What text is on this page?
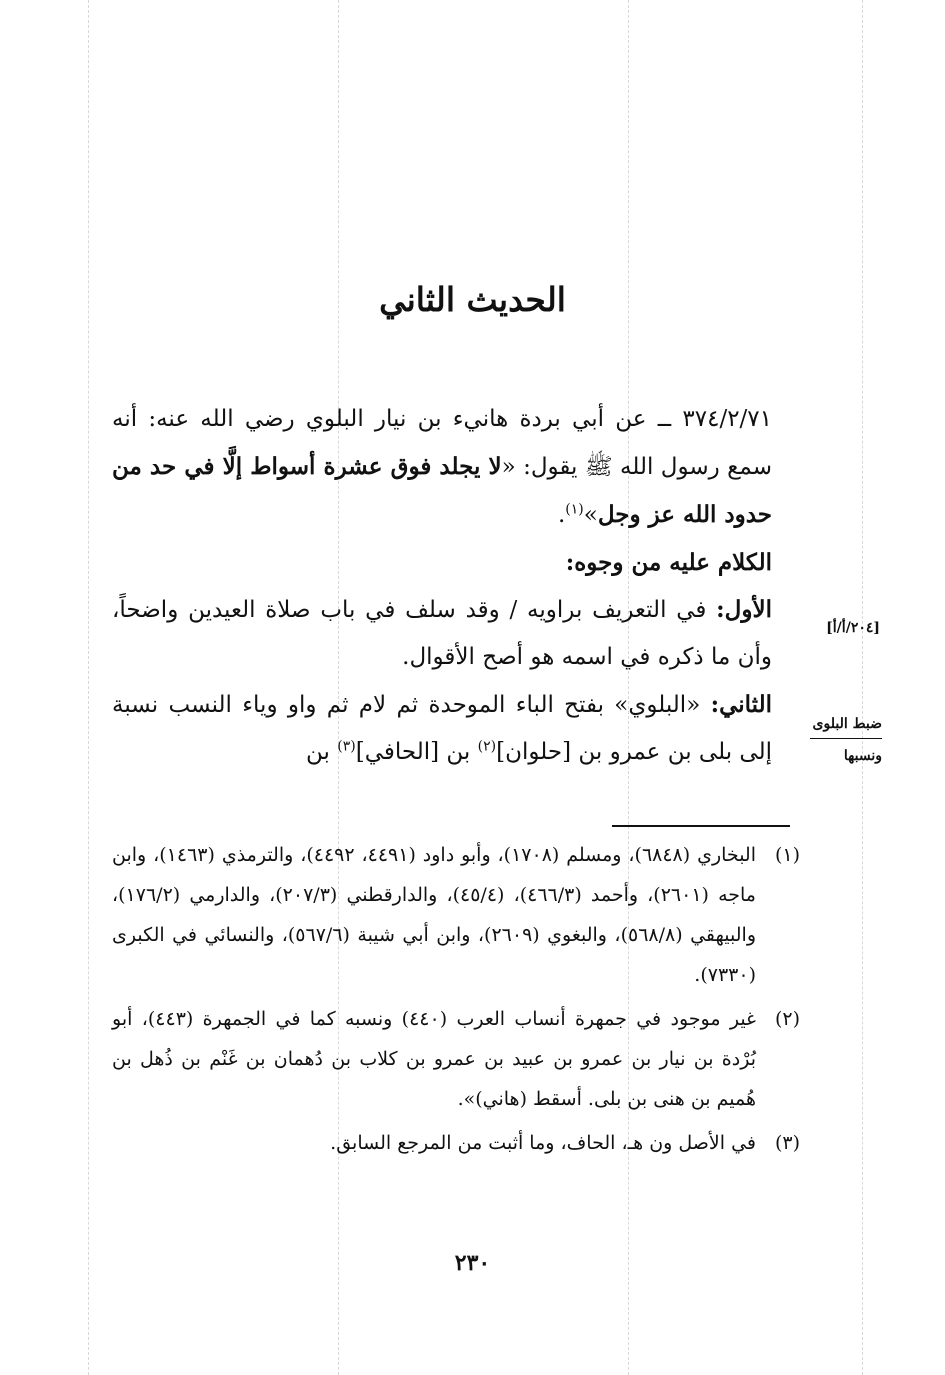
الحديث الثاني

٣٧٤/٢/٧١ ــ عن أبي بردة هانيء بن نيار البلوي رضي الله عنه: أنه سمع رسول الله ﷺ يقول: «لا يجلد فوق عشرة أسواط إلَّا في حد من حدود الله عز وجل»$^{(١)}$.

الكلام عليه من وجوه:

الأول: في التعريف براويه / وقد سلف في باب صلاة العيدين واضحاً، وأن ما ذكره في اسمه هو أصح الأقوال.

الثاني: «البلوي» بفتح الباء الموحدة ثم لام ثم واو وياء النسب نسبة إلى بلى بن عمرو بن [حلوان]$^{(٢)}$ بن [الحافي]$^{(٣)}$ بن

[٢٠٤/أ/أ]
ضبط البلوى
ونسبها
(١)
البخاري (٦٨٤٨)، ومسلم (١٧٠٨)، وأبو داود (٤٤٩١، ٤٤٩٢)، والترمذي (١٤٦٣)، وابن ماجه (٢٦٠١)، وأحمد (٤٦٦/٣)، (٤٥/٤)، والدارقطني (٢٠٧/٣)، والدارمي (١٧٦/٢)، والبيهقي (٥٦٨/٨)، والبغوي (٢٦٠٩)، وابن أبي شيبة (٥٦٧/٦)، والنسائي في الكبرى (٧٣٣٠).
(٢)
غير موجود في جمهرة أنساب العرب (٤٤٠) ونسبه كما في الجمهرة (٤٤٣)، أبو بُرْدة بن نيار بن عمرو بن عبيد بن عمرو بن كلاب بن دُهمان بن غَنْم بن ذُهل بن هُميم بن هنى بن بلى. أسقط (هاني)».
(٣)
في الأصل ون هـ، الحاف، وما أثبت من المرجع السابق.
٢٣٠
